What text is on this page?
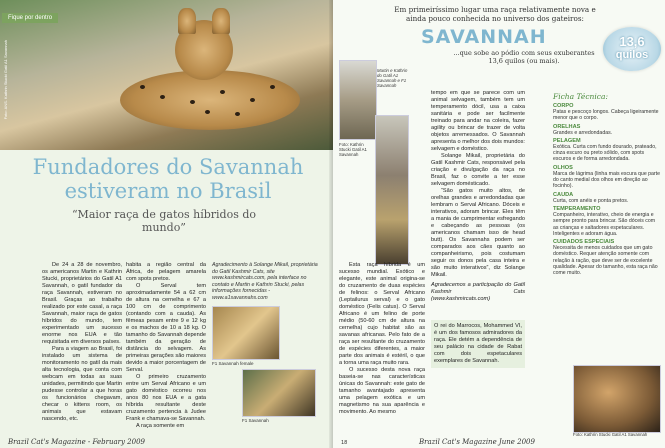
Fique por dentro

Foto: ANS. Kathrin Stucki Gatil A1 Savannah

Fundadores do Savannah estiveram no Brasil
“Maior raça de gatos híbridos do mundo”

De 24 a 28 de novembro, os americanos Martin e Kathrin Stucki, proprietários do Gatil A1 Savannah, o gatil fundador da raça Savannah, estiveram no Brasil. Graças ao trabalho realizado por este casal, a raça Savannah, maior raça de gatos híbridos do mundo, tem experimentado um sucesso enorme nos EUA e tão requisitada em diversos países.

Para a viagem ao Brasil, foi instalado um sistema de monitoramento no gatil da mais alta tecnologia, que conta com webcam em todas as suas unidades, permitindo que Martin pudesse controlar a que horas os funcionários chegavam, checar o kittens room, os animais que estavam nascendo, etc.

habita a região central da África, de pelagem amarela com spots pretos.

O Serval tem aproximadamente 54 a 62 cm de altura na cernelha e 67 a 100 cm de comprimento (contando com a cauda). As fêmeas pesam entre 9 e 12 kg e os machos de 10 a 18 kg. O tamanho do Savannah depende também da geração de distância do selvagem. As primeiras gerações são maiores devido a maior porcentagem de Serval.

O primeiro cruzamento entre um Serval Africano e um gato doméstico ocorreu nos anos 80 nos EUA e a gata híbrida resultante deste cruzamento pertencia à Judee Frank e chamava-se Savannah.

A raça somente em

Agradecimento à Solange Mikail, proprietária do Gatil Kashmir Cats, site www.kashmircats.com, pela interface no contato e Martin e Kathrin Stucki, pelas informações fornecidas - www.a1savannahs.com

F1 Savannah female

F1 Savannah

Brazil Cat's Magazine - February 2009

Em primeiríssimo lugar uma raça relativamente nova e ainda pouco conhecida no universo dos gateiros:

SAVANNAH

...que sobe ao pódio com seus exuberantes 13,6 quilos (ou mais).

13,6
quilos

Martin e Kathrin do Gatil A1 Savannah e F1 Savannah

Foto: Kathrin Stucki Gatil A1 Savannah

tempo em que se parece com um animal selvagem, também tem um temperamento dócil, usa a caixa sanitária e pode ser facilmente treinado para andar na coleira, fazer agility ou brincar de trazer de volta objetos arremessados. O Savannah apresenta o melhor dos dois mundos: selvagem e doméstico.

Solange Mikail, proprietária do Gatil Kashmir Cats, responsável pela criação e divulgação da raça no Brasil, faz o convite a ter esse selvagem domésticado.

“São gatos muito altos, de orelhas grandes e arredondadas que lembram o Serval Africano. Dóceis e interativos, adoram brincar. Eles têm a mania de cumprimentar esfregando e cabeçando as pessoas (os americanos chamam isso de head butt). Os Savannahs podem ser comparados aos cães quanto ao companheirismo, pois costumam seguir os donos pela casa inteira e são muito interativos”, diz Solange Mikail.

Agradecemos a participação do Gatil Kashmir Cats (www.kashmircats.com)

Esta raça híbrida é um sucesso mundial. Exótico e elegante, este animal origina-se do cruzamento de duas espécies de felinos: o Serval Africano (Leptailurus serval) e o gato doméstico (Felis catus). O Serval Africano é um felino de porte médio (50-60 cm de altura na cernelha) cujo habitat são as savanas africanas. Pelo fato de a raça ser resultante do cruzamento de espécies diferentes, a maior parte dos animais é estéril, o que a torna uma raça muito rara.

O sucesso desta nova raça baseia-se nas características únicas do Savannah: este gato de tamanho avantajado apresenta uma pelagem exótica e um magnetismo na sua aparência e movimento. Ao mesmo

O rei do Marrocos, Mohammed VI, é um dos famosos admiradores da raça. Ele detém a dependência de seu palácio na cidade de Rabat com dois espetaculares exemplares de Savannah.

Ficha Técnica:

CORPO

Patas e pescoço longos. Cabeça ligeiramente menor que o corpo.

ORELHAS

Grandes e arredondadas.

PELAGEM

Exótica. Curta com fundo dourado, prateado, cinza escuro ou preto sólido, com spots escuros e de forma arredondada.

OLHOS

Marca de lágrima (linha mais escura que parte do canto medial dos olhos em direção ao focinho).

CAUDA

Curta, com anéis e ponta pretos.

TEMPERAMENTO

Companheiro, interativo, cheio de energia e sempre pronto para brincar. São dóceis com as crianças e saltadores espetaculares. Inteligentes e adoram água.

CUIDADOS ESPECIAIS

Necessita de menos cuidados que um gato doméstico. Requer atenção somente com relação à ração, que deve ser de excelente qualidade. Apesar do tamanho, esta raça não come muito.

Foto: Kathrin Stucki Gatil A1 Savannah

18	Brazil Cat's Magazine June 2009
